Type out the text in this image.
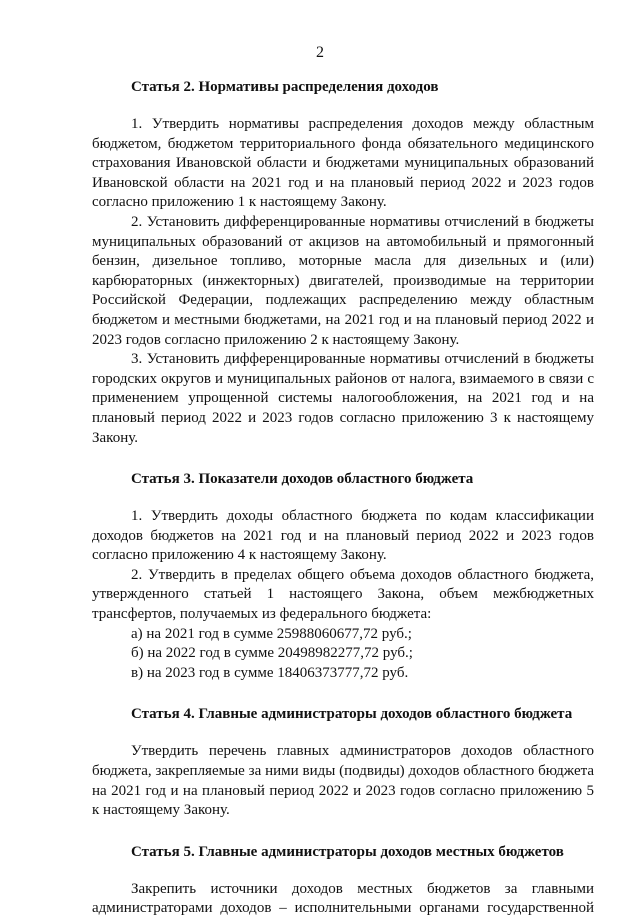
2
Статья 2. Нормативы распределения доходов

1. Утвердить нормативы распределения доходов между областным бюджетом, бюджетом территориального фонда обязательного медицинского страхования Ивановской области и бюджетами муниципальных образований Ивановской области на 2021 год и на плановый период 2022 и 2023 годов согласно приложению 1 к настоящему Закону.

2. Установить дифференцированные нормативы отчислений в бюджеты муниципальных образований от акцизов на автомобильный и прямогонный бензин, дизельное топливо, моторные масла для дизельных и (или) карбюраторных (инжекторных) двигателей, производимые на территории Российской Федерации, подлежащих распределению между областным бюджетом и местными бюджетами, на 2021 год и на плановый период 2022 и 2023 годов согласно приложению 2 к настоящему Закону.

3. Установить дифференцированные нормативы отчислений в бюджеты городских округов и муниципальных районов от налога, взимаемого в связи с применением упрощенной системы налогообложения, на 2021 год и на плановый период 2022 и 2023 годов согласно приложению 3 к настоящему Закону.

Статья 3. Показатели доходов областного бюджета

1. Утвердить доходы областного бюджета по кодам классификации доходов бюджетов на 2021 год и на плановый период 2022 и 2023 годов согласно приложению 4 к настоящему Закону.

2. Утвердить в пределах общего объема доходов областного бюджета, утвержденного статьей 1 настоящего Закона, объем межбюджетных трансфертов, получаемых из федерального бюджета:

а) на 2021 год в сумме 25988060677,72 руб.;

б) на 2022 год в сумме 20498982277,72 руб.;

в) на 2023 год в сумме 18406373777,72 руб.

Статья 4. Главные администраторы доходов областного бюджета

Утвердить перечень главных администраторов доходов областного бюджета, закрепляемые за ними виды (подвиды) доходов областного бюджета на 2021 год и на плановый период 2022 и 2023 годов согласно приложению 5 к настоящему Закону.

Статья 5. Главные администраторы доходов местных бюджетов

Закрепить источники доходов местных бюджетов за главными администраторами доходов – исполнительными органами государственной
